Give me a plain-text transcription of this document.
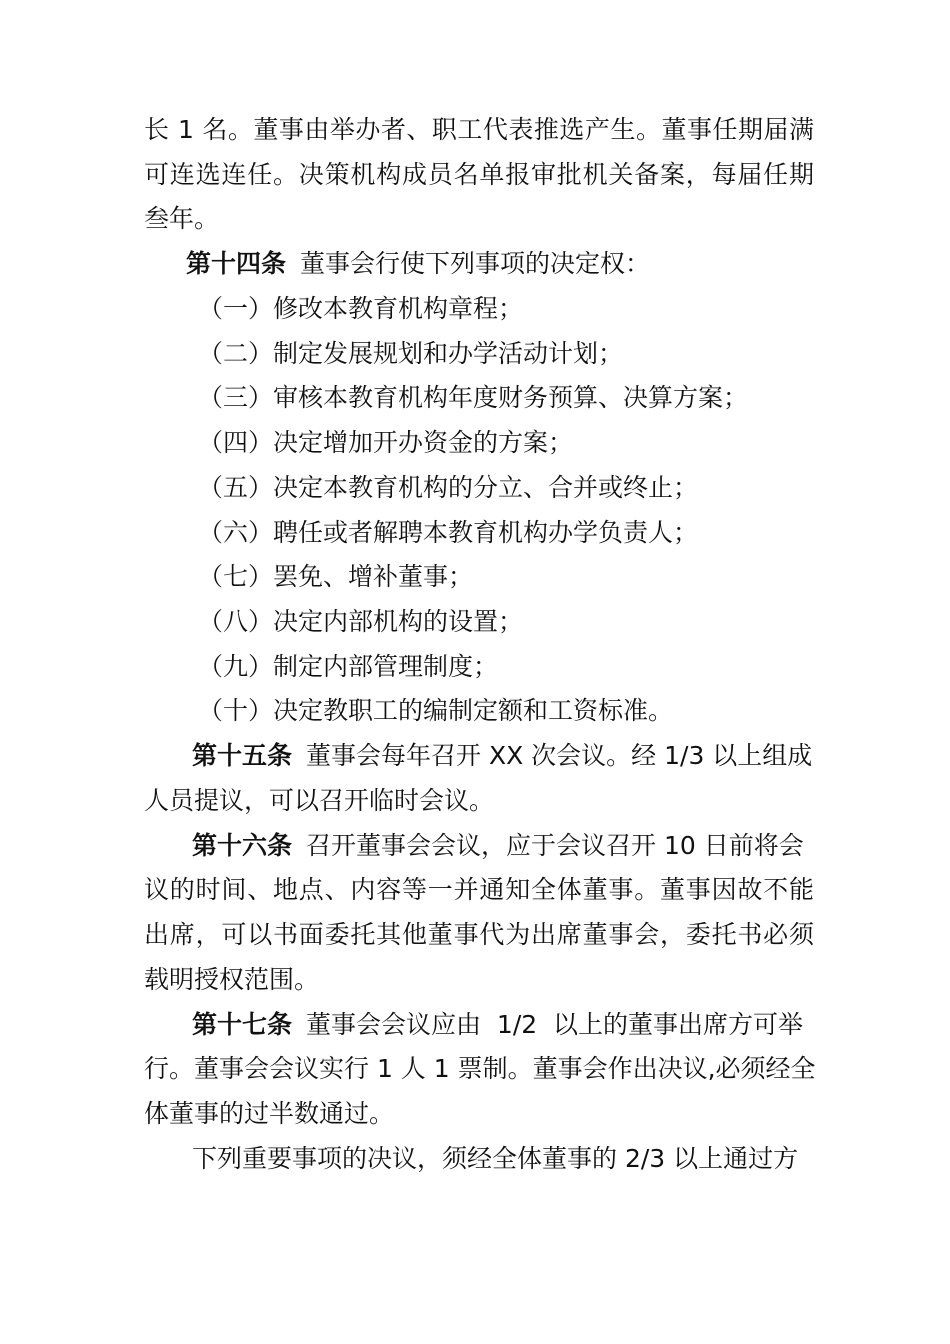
长 1 名。董事由举办者、职工代表推选产生。董事任期届满
可连选连任。决策机构成员名单报审批机关备案，每届任期
叁年。
第十四条 董事会行使下列事项的决定权：
（一）修改本教育机构章程；
（二）制定发展规划和办学活动计划；
（三）审核本教育机构年度财务预算、决算方案；
（四）决定增加开办资金的方案；
（五）决定本教育机构的分立、合并或终止；
（六）聘任或者解聘本教育机构办学负责人；
（七）罢免、增补董事；
（八）决定内部机构的设置；
（九）制定内部管理制度；
（十）决定教职工的编制定额和工资标准。
第十五条 董事会每年召开 XX 次会议。经 1/3 以上组成
人员提议，可以召开临时会议。
第十六条 召开董事会会议，应于会议召开 10 日前将会
议的时间、地点、内容等一并通知全体董事。董事因故不能
出席，可以书面委托其他董事代为出席董事会，委托书必须
载明授权范围。
第十七条 董事会会议应由  1/2  以上的董事出席方可举
行。董事会会议实行 1 人 1 票制。董事会作出决议,必须经全
体董事的过半数通过。
下列重要事项的决议，须经全体董事的 2/3 以上通过方
